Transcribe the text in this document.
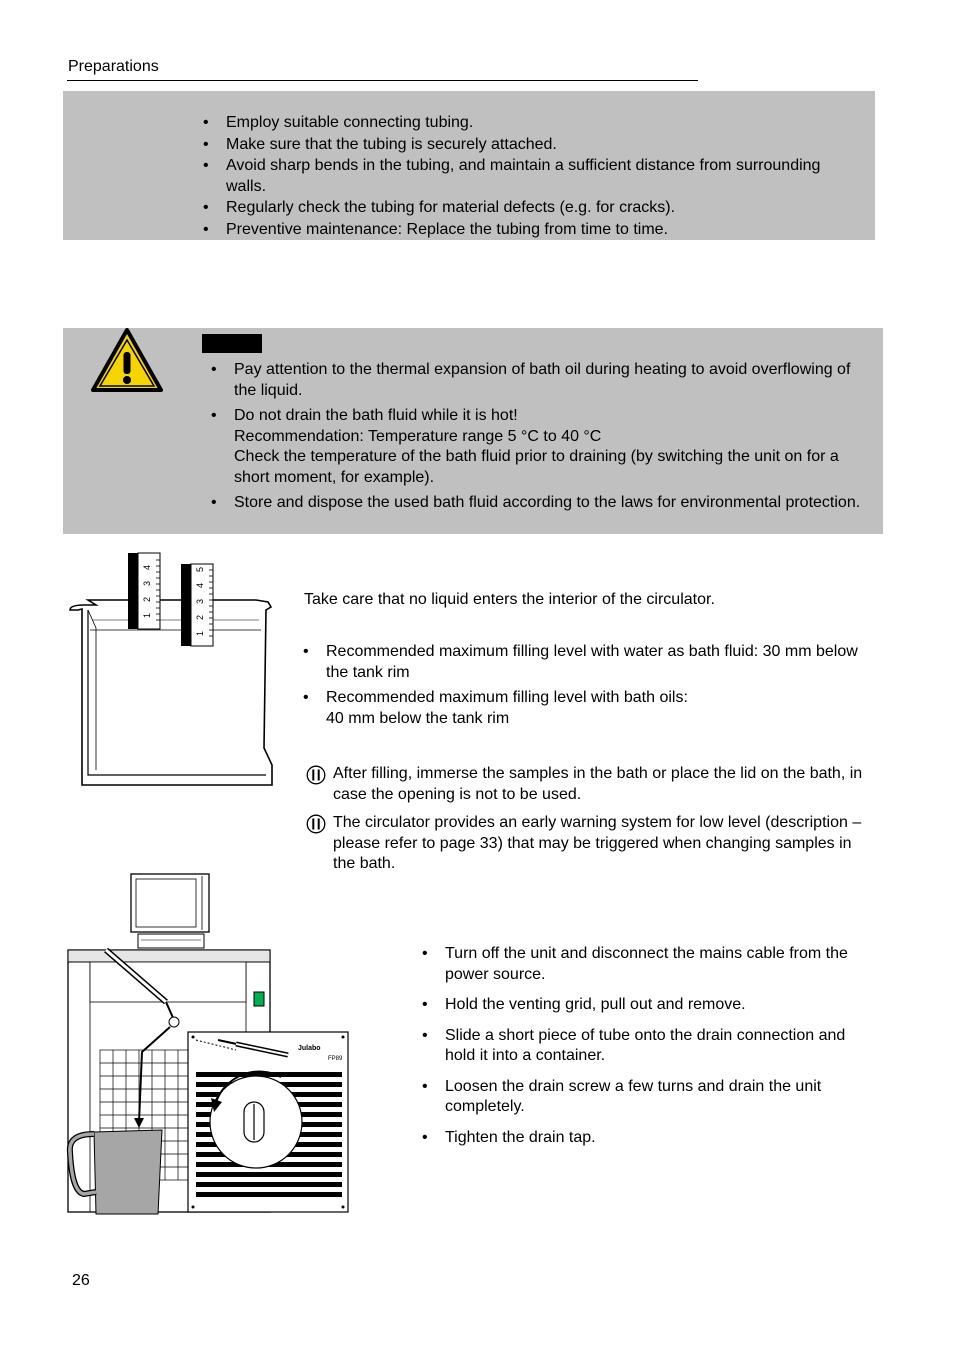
Preparations
• Employ suitable connecting tubing.
• Make sure that the tubing is securely attached.
• Avoid sharp bends in the tubing, and maintain a sufficient distance from surrounding walls.
• Regularly check the tubing for material defects (e.g. for cracks).
• Preventive maintenance: Replace the tubing from time to time.
• Pay attention to the thermal expansion of bath oil during heating to avoid overflowing of the liquid.
• Do not drain the bath fluid while it is hot!
Recommendation: Temperature range 5 °C to 40 °C
Check the temperature of the bath fluid prior to draining (by switching the unit on for a short moment, for example).
• Store and dispose the used bath fluid according to the laws for environmental protection.
1
2
3
4
1
2
3
4
5
Take care that no liquid enters the interior of the circulator.
• Recommended maximum filling level with water as bath fluid: 30 mm below the tank rim
• Recommended maximum filling level with bath oils:
40 mm below the tank rim
After filling, immerse the samples in the bath or place the lid on the bath, in case the opening is not to be used.
The circulator provides an early warning system for low level (description – please refer to page 33) that may be triggered when changing samples in the bath.
Julabo
FP89
• Turn off the unit and disconnect the mains cable from the power source.
• Hold the venting grid, pull out and remove.
• Slide a short piece of tube onto the drain connection and hold it into a container.
• Loosen the drain screw a few turns and drain the unit completely.
• Tighten the drain tap.
26
